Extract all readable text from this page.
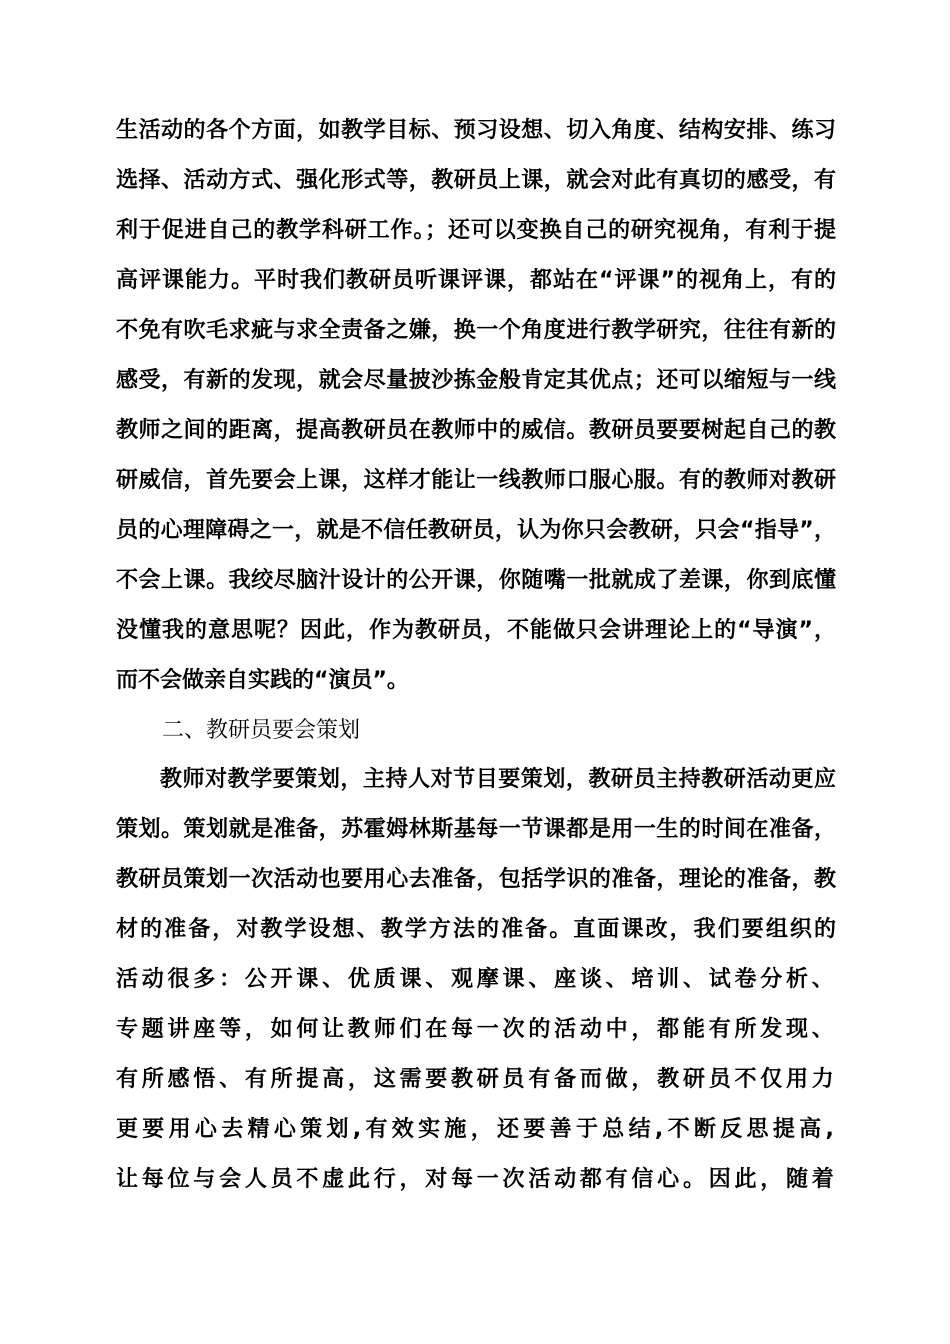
生活动的各个方面，如教学目标、预习设想、切入角度、结构安排、练习
选择、活动方式、强化形式等，教研员上课，就会对此有真切的感受，有
利于促进自己的教学科研工作。；还可以变换自己的研究视角，有利于提
高评课能力。平时我们教研员听课评课，都站在“评课”的视角上，有的
不免有吹毛求疵与求全责备之嫌，换一个角度进行教学研究，往往有新的
感受，有新的发现，就会尽量披沙拣金般肯定其优点；还可以缩短与一线
教师之间的距离，提高教研员在教师中的威信。教研员要要树起自己的教
研威信，首先要会上课，这样才能让一线教师口服心服。有的教师对教研
员的心理障碍之一，就是不信任教研员，认为你只会教研，只会“指导”，
不会上课。我绞尽脑汁设计的公开课，你随嘴一批就成了差课，你到底懂
没懂我的意思呢？因此，作为教研员，不能做只会讲理论上的“导演”，
而不会做亲自实践的“演员”。
二、教研员要会策划
教师对教学要策划，主持人对节目要策划，教研员主持教研活动更应
策划。策划就是准备，苏霍姆林斯基每一节课都是用一生的时间在准备，
教研员策划一次活动也要用心去准备，包括学识的准备，理论的准备，教
材的准备，对教学设想、教学方法的准备。直面课改，我们要组织的
活动很多：公开课、优质课、观摩课、座谈、培训、试卷分析、
专题讲座等，如何让教师们在每一次的活动中，都能有所发现、
有所感悟、有所提高，这需要教研员有备而做，教研员不仅用力
更要用心去精心策划,有效实施，还要善于总结,不断反思提高,
让每位与会人员不虚此行，对每一次活动都有信心。因此，随着
